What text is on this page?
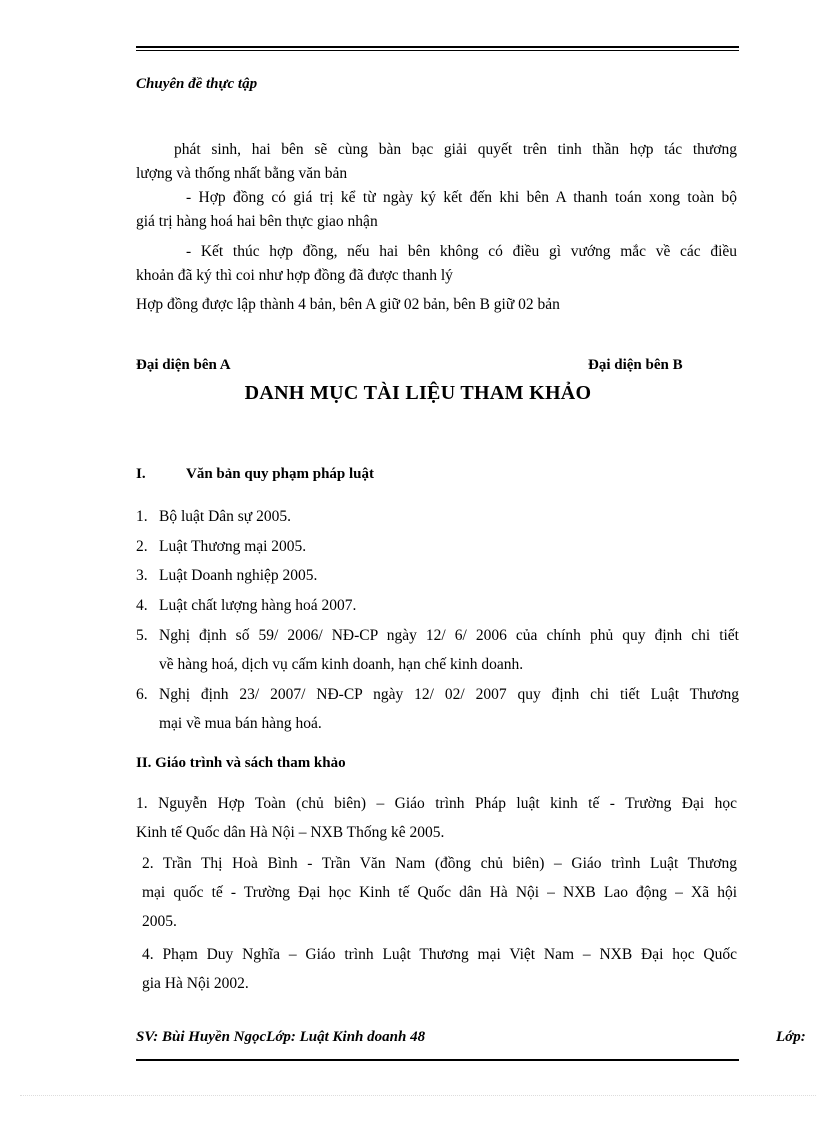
Chuyên đề thực tập
phát sinh, hai bên sẽ cùng bàn bạc giải quyết trên tinh thần hợp tác thương
lượng và thống nhất bằng văn bản
- Hợp đồng có giá trị kể từ ngày ký kết đến khi bên A thanh toán xong toàn bộ
giá trị hàng hoá hai bên thực giao nhận
- Kết thúc hợp đồng, nếu hai bên không có điều gì vướng mắc về các điều
khoản đã ký thì coi như hợp đồng đã được thanh lý
Hợp đồng được lập thành 4 bản, bên A giữ 02 bản, bên B giữ 02 bản
Đại diện bên A	Đại diện bên B
DANH MỤC TÀI LIỆU THAM KHẢO
I.	Văn bản quy phạm pháp luật
1. Bộ luật Dân sự 2005.
2. Luật Thương mại 2005.
3. Luật Doanh nghiệp 2005.
4. Luật chất lượng hàng hoá 2007.
5. Nghị định số 59/ 2006/ NĐ-CP ngày 12/ 6/ 2006 của chính phủ quy định chi tiết
về hàng hoá, dịch vụ cấm kinh doanh, hạn chế kinh doanh.
6. Nghị định 23/ 2007/ NĐ-CP ngày 12/ 02/ 2007 quy định chi tiết Luật Thương
mại về mua bán hàng hoá.
II. Giáo trình và sách tham khảo
1. Nguyễn Hợp Toàn (chủ biên) – Giáo trình Pháp luật kinh tế - Trường Đại học
Kinh tế Quốc dân Hà Nội – NXB Thống kê 2005.
2. Trần Thị Hoà Bình - Trần Văn Nam (đồng chủ biên) – Giáo trình Luật Thương
mại quốc tế - Trường Đại học Kinh tế Quốc dân Hà Nội – NXB Lao động – Xã hội
2005.
4. Phạm Duy Nghĩa – Giáo trình Luật Thương mại Việt Nam – NXB Đại học Quốc
gia Hà Nội 2002.
SV: Bùi Huyền NgọcLớp: Luật Kinh doanh 48	Lớp:
